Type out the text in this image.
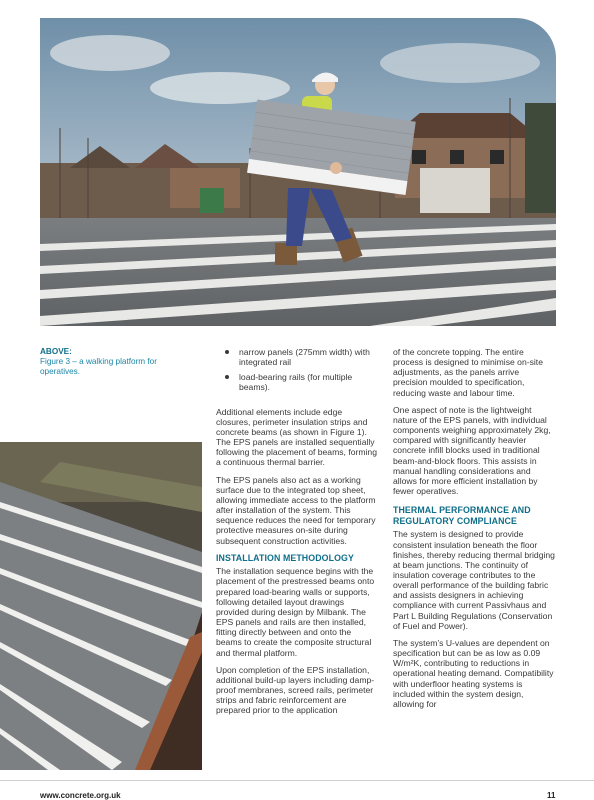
ABOVE:
Figure 3 – a walking platform for operatives.
narrow panels (275mm width) with integrated rail
load-bearing rails (for multiple beams).

Additional elements include edge closures, perimeter insulation strips and concrete beams (as shown in Figure 1). The EPS panels are installed sequentially following the placement of beams, forming a continuous thermal barrier.

The EPS panels also act as a working surface due to the integrated top sheet, allowing immediate access to the platform after installation of the system. This sequence reduces the need for temporary protective measures on-site during subsequent construction activities.

INSTALLATION METHODOLOGY

The installation sequence begins with the placement of the prestressed beams onto prepared load-bearing walls or supports, following detailed layout drawings provided during design by Milbank. The EPS panels and rails are then installed, fitting directly between and onto the beams to create the composite structural and thermal platform.

Upon completion of the EPS installation, additional build-up layers including damp-proof membranes, screed rails, perimeter strips and fabric reinforcement are prepared prior to the application

of the concrete topping. The entire process is designed to minimise on-site adjustments, as the panels arrive precision moulded to specification, reducing waste and labour time.

One aspect of note is the lightweight nature of the EPS panels, with individual components weighing approximately 2kg, compared with significantly heavier concrete infill blocks used in traditional beam-and-block floors. This assists in manual handling considerations and allows for more efficient installation by fewer operatives.

THERMAL PERFORMANCE AND REGULATORY COMPLIANCE

The system is designed to provide consistent insulation beneath the floor finishes, thereby reducing thermal bridging at beam junctions. The continuity of insulation coverage contributes to the overall performance of the building fabric and assists designers in achieving compliance with current Passivhaus and Part L Building Regulations (Conservation of Fuel and Power).

The system’s U-values are dependent on specification but can be as low as 0.09 W/m²K, contributing to reductions in operational heating demand. Compatibility with underfloor heating systems is included within the system design, allowing for

www.concrete.org.uk	11
